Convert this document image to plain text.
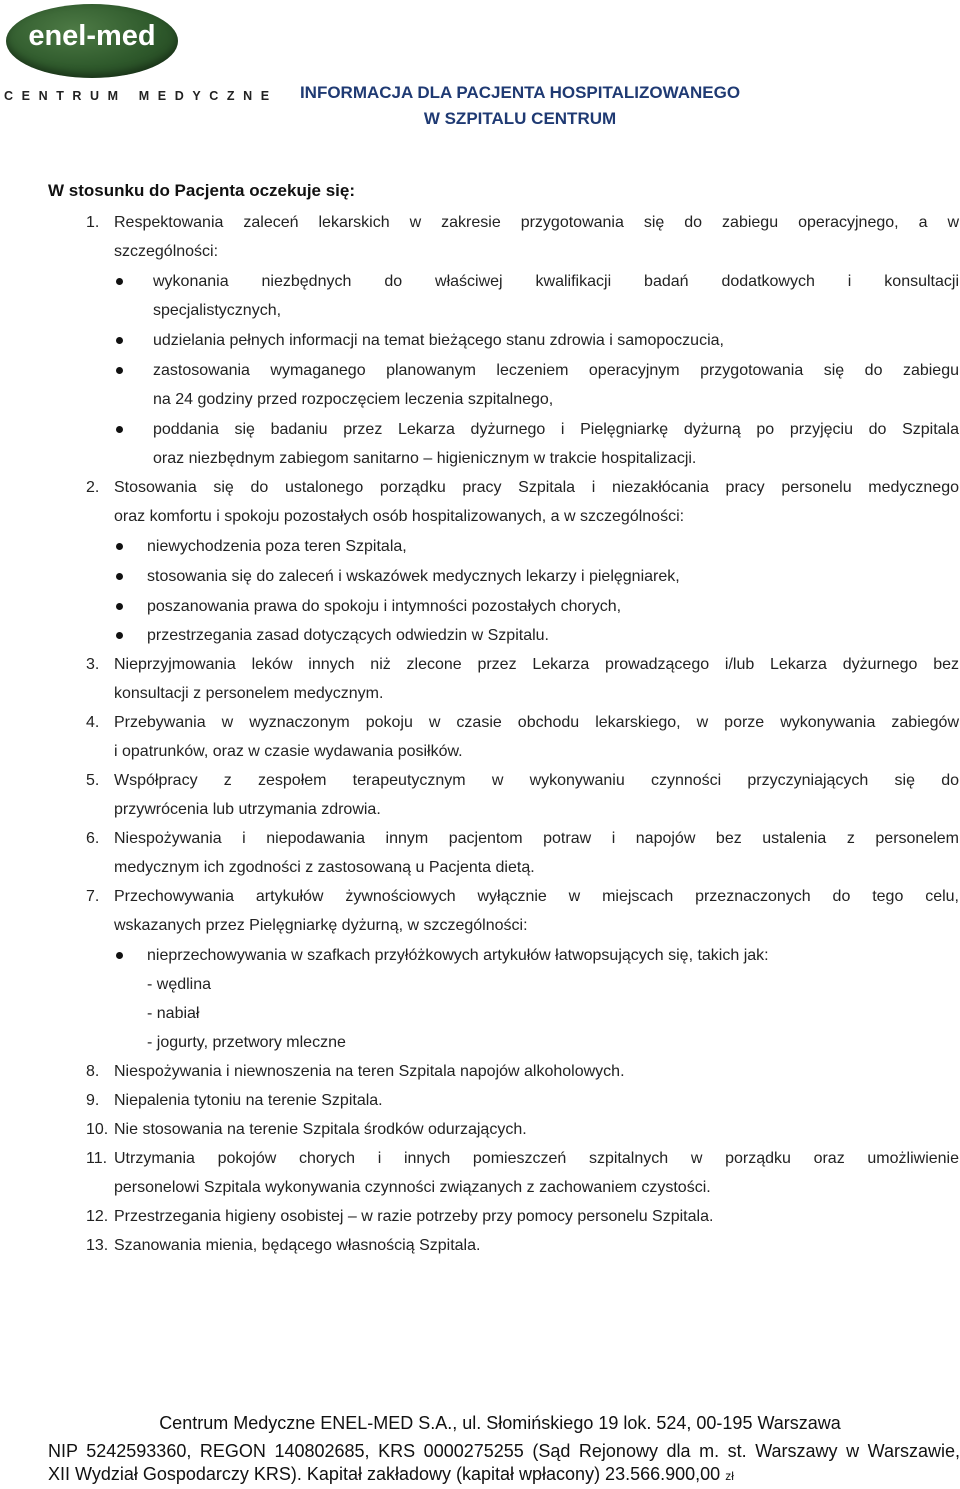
enel-med
CENTRUM MEDYCZNE	INFORMACJA DLA PACJENTA HOSPITALIZOWANEGO
W SZPITALU CENTRUM
W stosunku do Pacjenta oczekuje się:
1. Respektowania zaleceń lekarskich w zakresie przygotowania się do zabiegu operacyjnego, a w
szczególności:
wykonania niezbędnych do właściwej kwalifikacji badań dodatkowych i konsultacji
specjalistycznych,
udzielania pełnych informacji na temat bieżącego stanu zdrowia i samopoczucia,
zastosowania wymaganego planowanym leczeniem operacyjnym przygotowania się do zabiegu
na 24 godziny przed rozpoczęciem leczenia szpitalnego,
poddania się badaniu przez Lekarza dyżurnego i Pielęgniarkę dyżurną po przyjęciu do Szpitala
oraz niezbędnym zabiegom sanitarno – higienicznym w trakcie hospitalizacji.
2. Stosowania się do ustalonego porządku pracy Szpitala i niezakłócania pracy personelu medycznego
oraz komfortu i spokoju pozostałych osób hospitalizowanych, a w szczególności:
niewychodzenia poza teren Szpitala,
stosowania się do zaleceń i wskazówek medycznych lekarzy i pielęgniarek,
poszanowania prawa do spokoju i intymności pozostałych chorych,
przestrzegania zasad dotyczących odwiedzin w Szpitalu.
3. Nieprzyjmowania leków innych niż zlecone przez Lekarza prowadzącego i/lub Lekarza dyżurnego bez
konsultacji z personelem medycznym.
4. Przebywania w wyznaczonym pokoju w czasie obchodu lekarskiego, w porze wykonywania zabiegów
i opatrunków, oraz w czasie wydawania posiłków.
5. Współpracy z zespołem terapeutycznym w wykonywaniu czynności przyczyniających się do
przywrócenia lub utrzymania zdrowia.
6. Niespożywania i niepodawania innym pacjentom potraw i napojów bez ustalenia z personelem
medycznym ich zgodności z zastosowaną u Pacjenta dietą.
7. Przechowywania artykułów żywnościowych wyłącznie w miejscach przeznaczonych do tego celu,
wskazanych przez Pielęgniarkę dyżurną, w szczególności:
nieprzechowywania w szafkach przyłóżkowych artykułów łatwopsujących się, takich jak:
- wędlina
- nabiał
- jogurty, przetwory mleczne
8. Niespożywania i niewnoszenia na teren Szpitala napojów alkoholowych.
9. Niepalenia tytoniu na terenie Szpitala.
10. Nie stosowania na terenie Szpitala środków odurzających.
11. Utrzymania pokojów chorych i innych pomieszczeń szpitalnych w porządku oraz umożliwienie
personelowi Szpitala wykonywania czynności związanych z zachowaniem czystości.
12. Przestrzegania higieny osobistej – w razie potrzeby przy pomocy personelu Szpitala.
13. Szanowania mienia, będącego własnością Szpitala.
Centrum Medyczne ENEL-MED S.A., ul. Słomińskiego 19 lok. 524, 00-195 Warszawa
NIP 5242593360, REGON 140802685, KRS 0000275255 (Sąd Rejonowy dla m. st. Warszawy w Warszawie,
XII Wydział Gospodarczy KRS). Kapitał zakładowy (kapitał wpłacony) 23.566.900,00 zł
